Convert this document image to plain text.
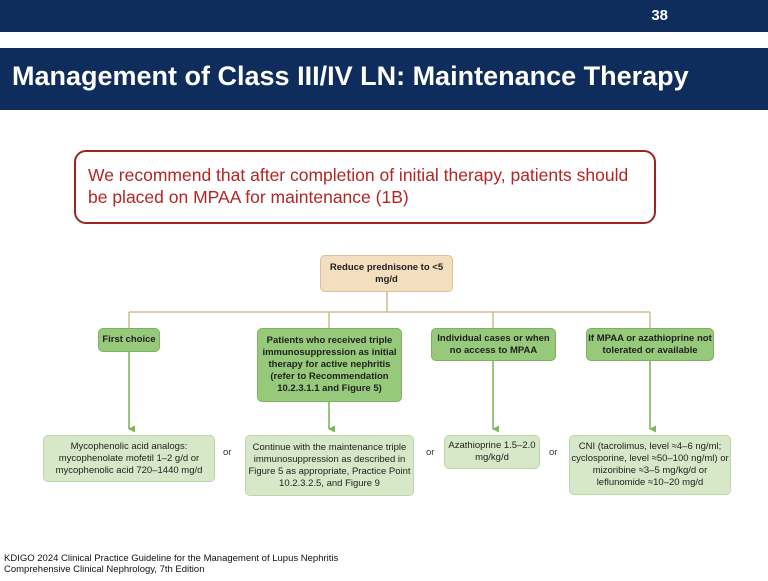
38
Management of Class III/IV LN: Maintenance Therapy
We recommend that after completion of initial therapy, patients should be placed on MPAA for maintenance (1B)
Reduce prednisone to <5 mg/d
First choice	Patients who received triple immunosuppression as initial therapy for active nephritis (refer to Recommendation 10.2.3.1.1 and Figure 5)
Individual cases or when no access to MPAA
If MPAA or azathioprine not tolerated or available
Mycophenolic acid analogs: mycophenolate mofetil 1–2 g/d or mycophenolic acid 720–1440 mg/d
Continue with the maintenance triple immunosuppression as described in Figure 5 as appropriate, Practice Point 10.2.3.2.5, and Figure 9
Azathioprine 1.5–2.0 mg/kg/d
CNI (tacrolimus, level ≈4–6 ng/ml; cyclosporine, level ≈50–100 ng/ml) or mizoribine ≈3–5 mg/kg/d or leflunomide ≈10–20 mg/d
or	or	or
KDIGO 2024 Clinical Practice Guideline for the Management of Lupus Nephritis
Comprehensive Clinical Nephrology, 7th Edition
